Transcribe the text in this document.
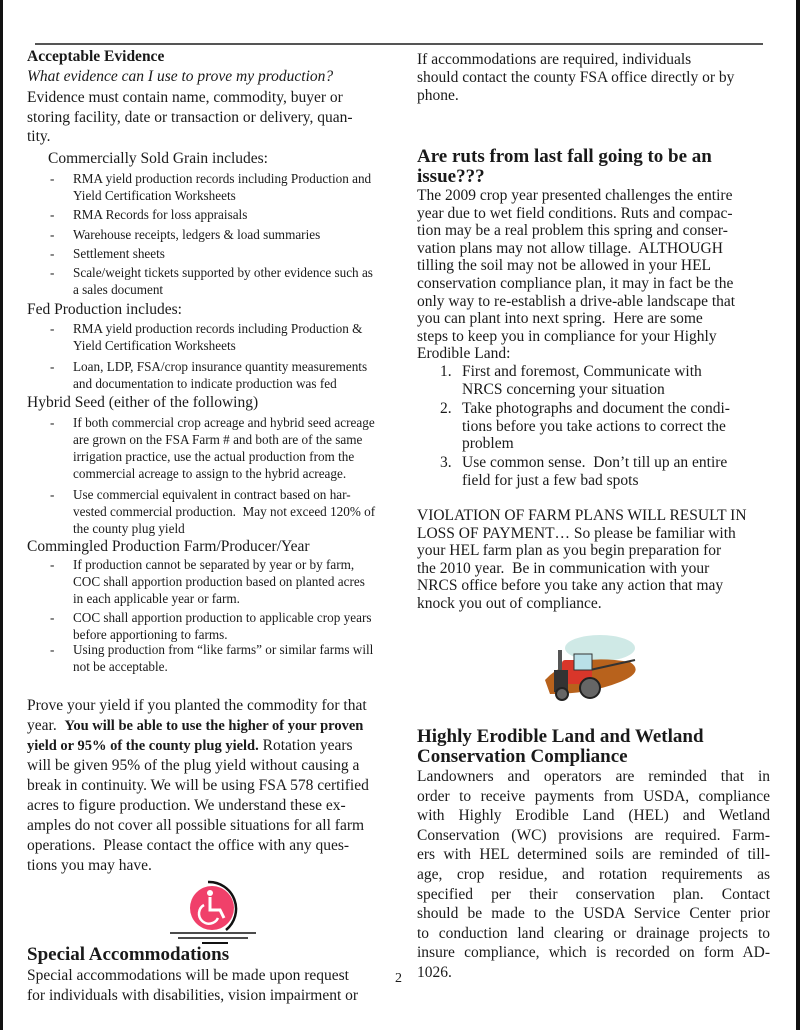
Acceptable Evidence
What evidence can I use to prove my production?
Evidence must contain name, commodity, buyer or
storing facility, date or transaction or delivery, quan-
tity.
Commercially Sold Grain includes:
- RMA yield production records including Production and
Yield Certification Worksheets
- RMA Records for loss appraisals
- Warehouse receipts, ledgers & load summaries
- Settlement sheets
- Scale/weight tickets supported by other evidence such as
a sales document
Fed Production includes:
- RMA yield production records including Production &
Yield Certification Worksheets
- Loan, LDP, FSA/crop insurance quantity measurements
and documentation to indicate production was fed
Hybrid Seed (either of the following)
- If both commercial crop acreage and hybrid seed acreage
are grown on the FSA Farm # and both are of the same
irrigation practice, use the actual production from the
commercial acreage to assign to the hybrid acreage.
- Use commercial equivalent in contract based on har-
vested commercial production.  May not exceed 120% of
the county plug yield
Commingled Production Farm/Producer/Year
- If production cannot be separated by year or by farm,
COC shall apportion production based on planted acres
in each applicable year or farm.
- COC shall apportion production to applicable crop years
before apportioning to farms.
- Using production from “like farms” or similar farms will
not be acceptable.
Prove your yield if you planted the commodity for that
year.  You will be able to use the higher of your proven
yield or 95% of the county plug yield. Rotation years
will be given 95% of the plug yield without causing a
break in continuity. We will be using FSA 578 certified
acres to figure production. We understand these ex-
amples do not cover all possible situations for all farm
operations.  Please contact the office with any ques-
tions you may have.
Special Accommodations
Special accommodations will be made upon request
for individuals with disabilities, vision impairment or
If accommodations are required, individuals
should contact the county FSA office directly or by
phone.
Are ruts from last fall going to be an
issue???
The 2009 crop year presented challenges the entire
year due to wet field conditions. Ruts and compac-
tion may be a real problem this spring and conser-
vation plans may not allow tillage.  ALTHOUGH
tilling the soil may not be allowed in your HEL
conservation compliance plan, it may in fact be the
only way to re-establish a drive-able landscape that
you can plant into next spring.  Here are some
steps to keep you in compliance for your Highly
Erodible Land:
1. First and foremost, Communicate with
NRCS concerning your situation
2. Take photographs and document the condi-
tions before you take actions to correct the
problem
3. Use common sense.  Don’t till up an entire
field for just a few bad spots
VIOLATION OF FARM PLANS WILL RESULT IN
LOSS OF PAYMENT… So please be familiar with
your HEL farm plan as you begin preparation for
the 2010 year.  Be in communication with your
NRCS office before you take any action that may
knock you out of compliance.
Highly Erodible Land and Wetland
Conservation Compliance
Landowners and operators are reminded that in
order to receive payments from USDA, compliance
with Highly Erodible Land (HEL) and Wetland
Conservation (WC) provisions are required. Farm-
ers with HEL determined soils are reminded of till-
age, crop residue, and rotation requirements as
specified per their conservation plan. Contact
should be made to the USDA Service Center prior
to conduction land clearing or drainage projects to
insure compliance, which is recorded on form AD-
1026.
2
